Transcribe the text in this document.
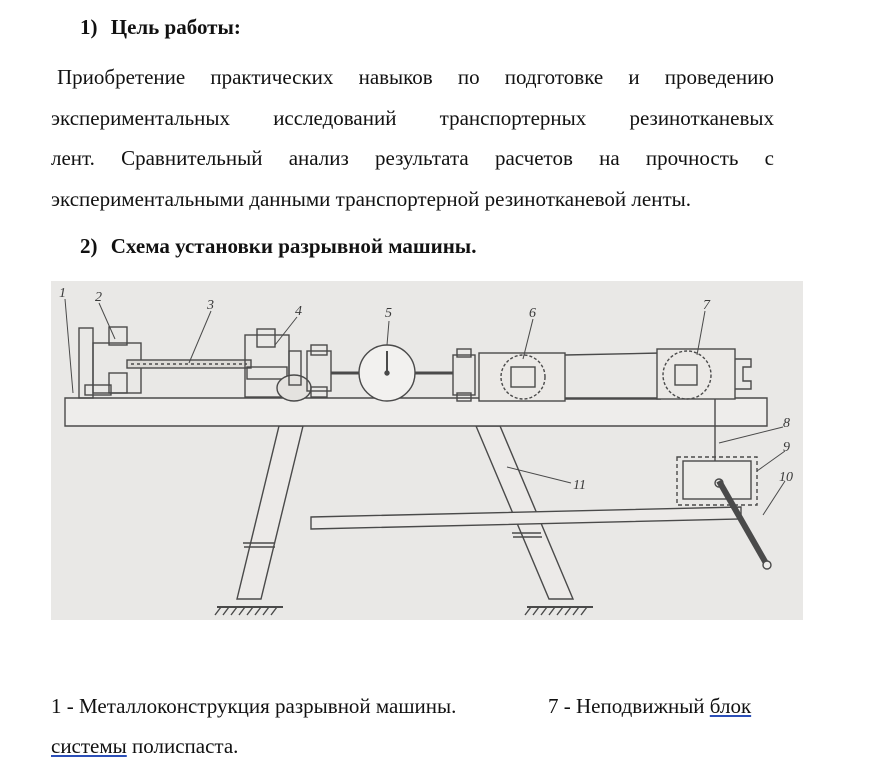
1) Цель работы:

Приобретение практических навыков по подготовке и проведению
экспериментальных исследований транспортерных резинотканевых
лент. Сравнительный анализ результата расчетов на прочность с
экспериментальными данными транспортерной резинотканевой ленты.

2) Схема установки разрывной машины.
1 2
3	4	5	6
7
8
9
10
11
1 - Металлоконструкция разрывной машины.	7 - Неподвижный блок

системы полиспаста.
